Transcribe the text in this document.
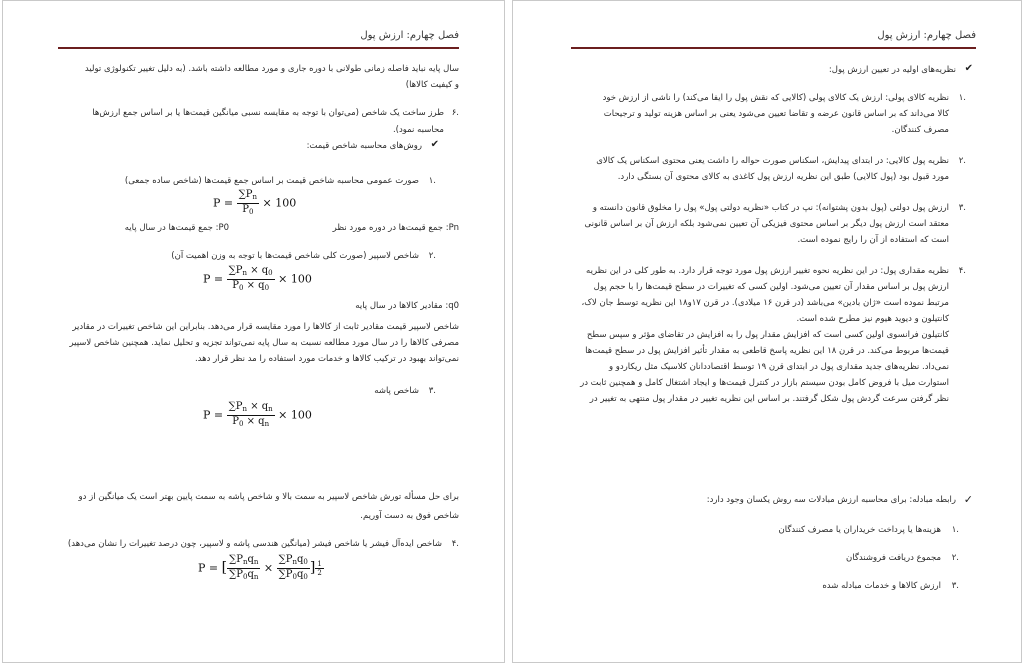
فصل چهارم: ارزش پول
سال پایه نباید فاصله زمانی طولانی با دوره جاری و مورد مطالعه داشته باشد. (به دلیل تغییر تکنولوژی تولید
و کیفیت کالاها)
۶.
طرز ساخت یک شاخص (می‌توان با توجه به مقایسه نسبی میانگین قیمت‌ها یا بر اساس جمع ارزش‌ها
محاسبه نمود).
✔
روش‌های محاسبه شاخص قیمت:
۱.
صورت عمومی محاسبه شاخص قیمت بر اساس جمع قیمت‌ها (شاخص ساده جمعی)
$P = \frac{\sum P_n}{P_0} \times 100$
Pn: جمع قیمت‌ها در دوره مورد نظر
P0: جمع قیمت‌ها در سال پایه
۲.
شاخص لاسپیر (صورت کلی شاخص قیمت‌ها با توجه به وزن اهمیت آن)
$P = \frac{\sum P_n \times q_0}{P_0 \times q_0} \times 100$
q0: مقادیر کالاها در سال پایه
شاخص لاسپیر قیمت مقادیر ثابت از کالاها را مورد مقایسه قرار می‌دهد. بنابراین این شاخص تغییرات در مقادیر
مصرفی کالاها را در سال مورد مطالعه نسبت به سال پایه نمی‌تواند تجزیه و تحلیل نماید. همچنین شاخص لاسپیر
نمی‌تواند بهبود در ترکیب کالاها و خدمات مورد استفاده را مد نظر قرار دهد.
۳.
شاخص پاشه
$P = \frac{\sum P_n \times q_n}{P_0 \times q_n} \times 100$
برای حل مسأله تورش شاخص لاسپیر به سمت بالا و شاخص پاشه به سمت پایین بهتر است یک میانگین از دو
شاخص فوق به دست آوریم.
۴.
شاخص ایده‌آل فیشر یا شاخص فیشر (میانگین هندسی پاشه و لاسپیر، چون درصد تغییرات را نشان می‌دهد)
P = [ $\frac{\sum P_nq_n}{\sum P_0q_n} \times \frac{\sum P_nq_0}{\sum P_0q_0}$ ] $\frac{1}{2}$
فصل چهارم: ارزش پول
✔
نظریه‌های اولیه در تعیین ارزش پول:
۱.
نظریه کالای پولی: ارزش یک کالای پولی (کالایی که نقش پول را ایفا می‌کند) را ناشی از ارزش خود
کالا می‌داند که بر اساس قانون عرضه و تقاضا تعیین می‌شود یعنی بر اساس هزینه تولید و ترجیحات
مصرف کنندگان.
۲.
نظریه پول کالایی: در ابتدای پیدایش، اسکناس صورت حواله را داشت یعنی محتوی اسکناس یک کالای
مورد قبول بود (پول کالایی) طبق این نظریه ارزش پول کاغذی به کالای محتوی آن بستگی دارد.
۳.
ارزش پول دولتی (پول بدون پشتوانه): نپ در کتاب «نظریه دولتی پول» پول را مخلوق قانون دانسته و
معتقد است ارزش پول دیگر بر اساس محتوی فیزیکی آن تعیین نمی‌شود بلکه ارزش آن بر اساس قانونی
است که استفاده از آن را رایج نموده است.
۴.
نظریه مقداری پول: در این نظریه نحوه تغییر ارزش پول مورد توجه قرار دارد. به طور کلی در این نظریه
ارزش پول بر اساس مقدار آن تعیین می‌شود. اولین کسی که تغییرات در سطح قیمت‌ها را با حجم پول
مرتبط نموده است «ژان بادین» می‌باشد (در قرن ۱۶ میلادی). در قرن ۱۷و۱۸ این نظریه توسط جان لاک،
کانتیلون و دیوید هیوم نیز مطرح شده است.
کانتیلون فرانسوی اولین کسی است که افزایش مقدار پول را به افزایش در تقاضای مؤثر و سپس سطح
قیمت‌ها مربوط می‌کند. در قرن ۱۸ این نظریه پاسخ قاطعی به مقدار تأثیر افزایش پول در سطح قیمت‌ها
نمی‌داد. نظریه‌های جدید مقداری پول در ابتدای قرن ۱۹ توسط اقتصاددانان کلاسیک مثل ریکاردو و
استوارت میل با فروض کامل بودن سیستم بازار در کنترل قیمت‌ها و ایجاد اشتغال کامل و همچنین ثابت در
نظر گرفتن سرعت گردش پول شکل گرفتند. بر اساس این نظریه تغییر در مقدار پول منتهی به تغییر در
✓
رابطه مبادله: برای محاسبه ارزش مبادلات سه روش یکسان وجود دارد:
۱.
هزینه‌ها یا پرداخت خریداران یا مصرف کنندگان
۲.
مجموع دریافت فروشندگان
۳.
ارزش کالاها و خدمات مبادله شده
